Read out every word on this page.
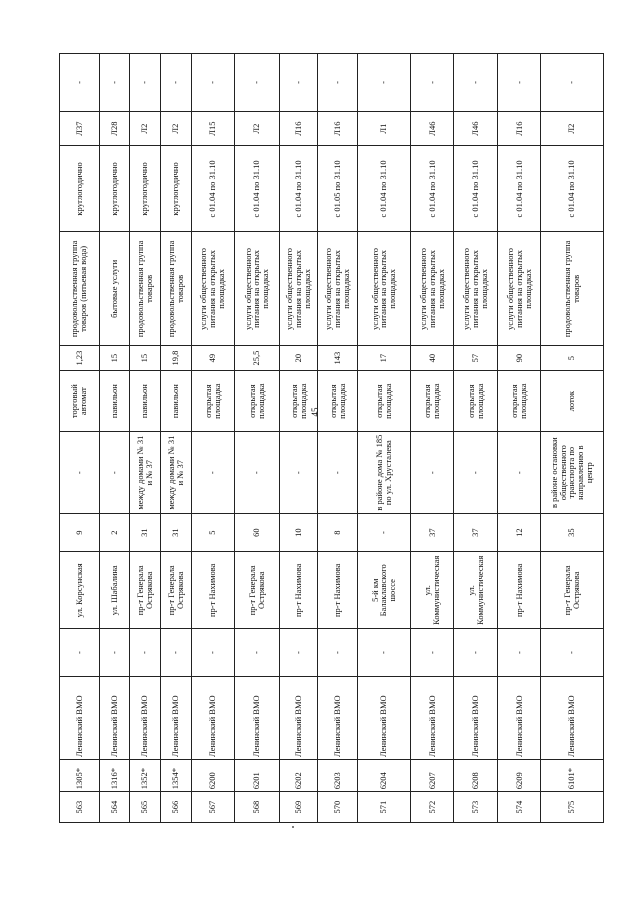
45
563	1305*	Ленинский ВМО	-	ул. Корсунская	9	-	торговый автомат	1,23	продовольственная группа товаров (питьевая вода)	круглогодично	Л37	-
564	1316*	Ленинский ВМО	-	ул. Шабалина	2	-	павильон	15	бытовые услуги	круглогодично	Л28	-
565	1352*	Ленинский ВМО	-	пр-т Генерала Острякова	31	между домами № 31 и № 37	павильон	15	продовольственная группа товаров	круглогодично	Л2	-
566	1354*	Ленинский ВМО	-	пр-т Генерала Острякова	31	между домами № 31 и № 37	павильон	19,8	продовольственная группа товаров	круглогодично	Л2	-
567	6200	Ленинский ВМО	-	пр-т Нахимова	5	-	открытая площадка	49	услуги общественного питания на открытых площадках	с 01.04 по 31.10	Л15	-
568	6201	Ленинский ВМО	-	пр-т Генерала Острякова	60	-	открытая площадка	25,5	услуги общественного питания на открытых площадках	с 01.04 по 31.10	Л2	-
569	6202	Ленинский ВМО	-	пр-т Нахимова	10	-	открытая площадка	20	услуги общественного питания на открытых площадках	с 01.04 по 31.10	Л16	-
570	6203	Ленинский ВМО	-	пр-т Нахимова	8	-	открытая площадка	143	услуги общественного питания на открытых площадках	с 01.05 по 31.10	Л16	-
571	6204	Ленинский ВМО	-	5-й км Балаклавского шоссе	-	в районе дома № 185 по ул. Хрусталева	открытая площадка	17	услуги общественного питания на открытых площадках	с 01.04 по 31.10	Л1	-
572	6207	Ленинский ВМО	-	ул. Коммунистическая	37	-	открытая площадка	40	услуги общественного питания на открытых площадках	с 01.04 по 31.10	Л46	-
573	6208	Ленинский ВМО	-	ул. Коммунистическая	37	-	открытая площадка	57	услуги общественного питания на открытых площадках	с 01.04 по 31.10	Л46	-
574	6209	Ленинский ВМО	-	пр-т Нахимова	12	-	открытая площадка	90	услуги общественного питания на открытых площадках	с 01.04 по 31.10	Л16	-
575	6101*	Ленинский ВМО	-	пр-т Генерала Острякова	35	в районе остановки общественного транспорта по направлению в центр	лоток	5	продовольственная группа товаров	с 01.04 по 31.10	Л2	-
